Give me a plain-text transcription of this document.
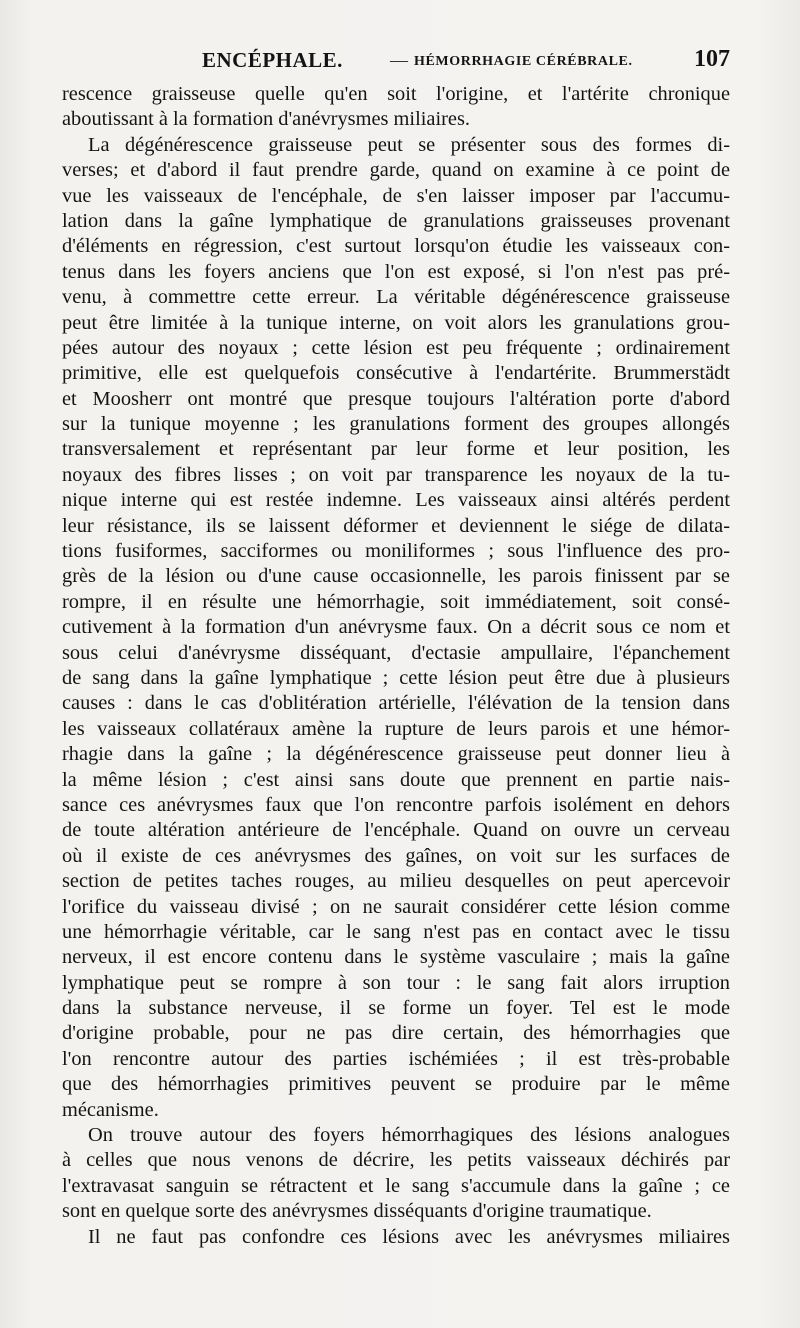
ENCÉPHALE.	— HÉMORRHAGIE CÉRÉBRALE.	107
rescence graisseuse quelle qu'en soit l'origine, et l'artérite chronique
aboutissant à la formation d'anévrysmes miliaires.
La dégénérescence graisseuse peut se présenter sous des formes di-
verses; et d'abord il faut prendre garde, quand on examine à ce point de
vue les vaisseaux de l'encéphale, de s'en laisser imposer par l'accumu-
lation dans la gaîne lymphatique de granulations graisseuses provenant
d'éléments en régression, c'est surtout lorsqu'on étudie les vaisseaux con-
tenus dans les foyers anciens que l'on est exposé, si l'on n'est pas pré-
venu, à commettre cette erreur. La véritable dégénérescence graisseuse
peut être limitée à la tunique interne, on voit alors les granulations grou-
pées autour des noyaux ; cette lésion est peu fréquente ; ordinairement
primitive, elle est quelquefois consécutive à l'endartérite. Brummerstädt
et Moosherr ont montré que presque toujours l'altération porte d'abord
sur la tunique moyenne ; les granulations forment des groupes allongés
transversalement et représentant par leur forme et leur position, les
noyaux des fibres lisses ; on voit par transparence les noyaux de la tu-
nique interne qui est restée indemne. Les vaisseaux ainsi altérés perdent
leur résistance, ils se laissent déformer et deviennent le siége de dilata-
tions fusiformes, sacciformes ou moniliformes ; sous l'influence des pro-
grès de la lésion ou d'une cause occasionnelle, les parois finissent par se
rompre, il en résulte une hémorrhagie, soit immédiatement, soit consé-
cutivement à la formation d'un anévrysme faux. On a décrit sous ce nom et
sous celui d'anévrysme disséquant, d'ectasie ampullaire, l'épanchement
de sang dans la gaîne lymphatique ; cette lésion peut être due à plusieurs
causes : dans le cas d'oblitération artérielle, l'élévation de la tension dans
les vaisseaux collatéraux amène la rupture de leurs parois et une hémor-
rhagie dans la gaîne ; la dégénérescence graisseuse peut donner lieu à
la même lésion ; c'est ainsi sans doute que prennent en partie nais-
sance ces anévrysmes faux que l'on rencontre parfois isolément en dehors
de toute altération antérieure de l'encéphale. Quand on ouvre un cerveau
où il existe de ces anévrysmes des gaînes, on voit sur les surfaces de
section de petites taches rouges, au milieu desquelles on peut apercevoir
l'orifice du vaisseau divisé ; on ne saurait considérer cette lésion comme
une hémorrhagie véritable, car le sang n'est pas en contact avec le tissu
nerveux, il est encore contenu dans le système vasculaire ; mais la gaîne
lymphatique peut se rompre à son tour : le sang fait alors irruption
dans la substance nerveuse, il se forme un foyer. Tel est le mode
d'origine probable, pour ne pas dire certain, des hémorrhagies que
l'on rencontre autour des parties ischémiées ; il est très-probable
que des hémorrhagies primitives peuvent se produire par le même
mécanisme.
On trouve autour des foyers hémorrhagiques des lésions analogues
à celles que nous venons de décrire, les petits vaisseaux déchirés par
l'extravasat sanguin se rétractent et le sang s'accumule dans la gaîne ; ce
sont en quelque sorte des anévrysmes disséquants d'origine traumatique.
Il ne faut pas confondre ces lésions avec les anévrysmes miliaires
